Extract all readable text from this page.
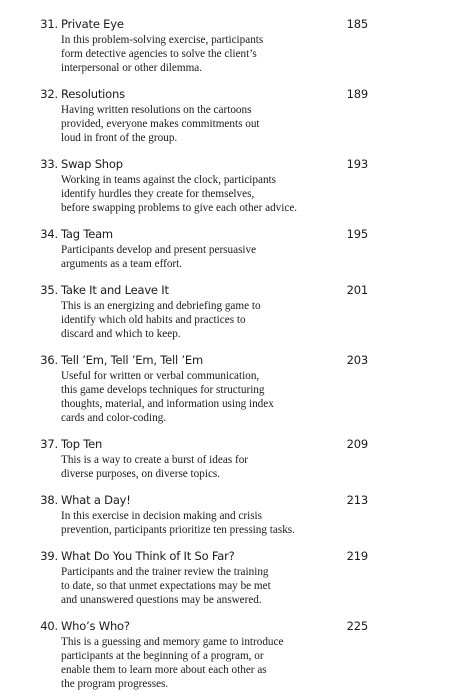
31. Private Eye	185
In this problem-solving exercise, participants
form detective agencies to solve the client’s
interpersonal or other dilemma.
32. Resolutions	189
Having written resolutions on the cartoons
provided, everyone makes commitments out
loud in front of the group.
33. Swap Shop	193
Working in teams against the clock, participants
identify hurdles they create for themselves,
before swapping problems to give each other advice.
34. Tag Team	195
Participants develop and present persuasive
arguments as a team effort.
35. Take It and Leave It	201
This is an energizing and debriefing game to
identify which old habits and practices to
discard and which to keep.
36. Tell ’Em, Tell ’Em, Tell ’Em	203
Useful for written or verbal communication,
this game develops techniques for structuring
thoughts, material, and information using index
cards and color-coding.
37. Top Ten	209
This is a way to create a burst of ideas for
diverse purposes, on diverse topics.
38. What a Day!	213
In this exercise in decision making and crisis
prevention, participants prioritize ten pressing tasks.
39. What Do You Think of It So Far?	219
Participants and the trainer review the training
to date, so that unmet expectations may be met
and unanswered questions may be answered.
40. Who’s Who?	225
This is a guessing and memory game to introduce
participants at the beginning of a program, or
enable them to learn more about each other as
the program progresses.
